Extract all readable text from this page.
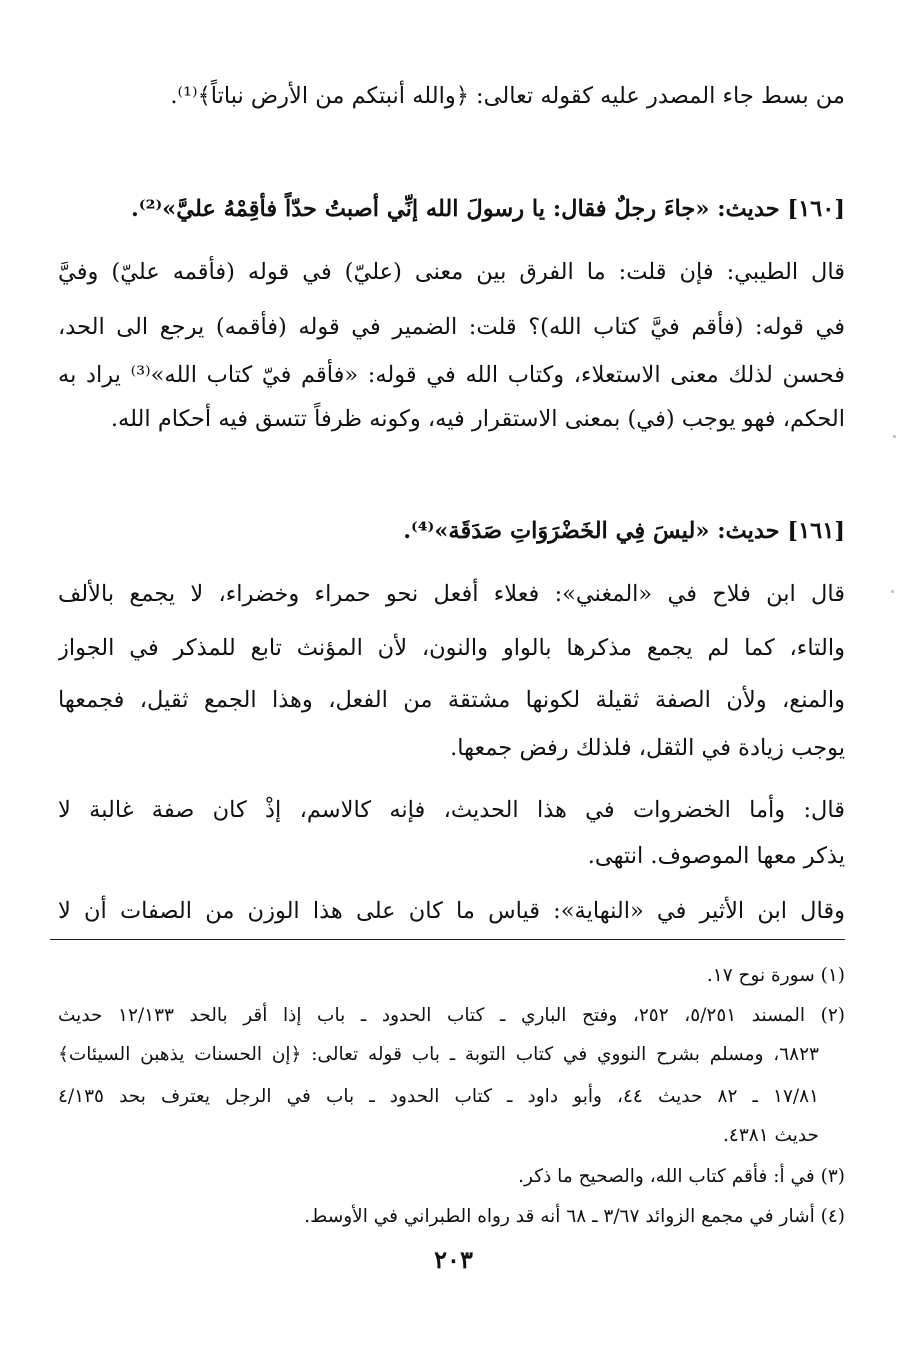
من بسط جاء المصدر عليه كقوله تعالى: ﴿والله أنبتكم من الأرض نباتاً﴾⁽¹⁾.
[١٦٠] حديث: «جاءَ رجلٌ فقال: يا رسولَ الله إنِّي أصبتُ حدّاً فأقِمْهُ عليَّ»⁽²⁾.
قال الطيبي: فإن قلت: ما الفرق بين معنى (عليّ) في قوله (فأقمه عليّ) وفيَّ
في قوله: (فأقم فيَّ كتاب الله)؟ قلت: الضمير في قوله (فأقمه) يرجع الى الحد،
فحسن لذلك معنى الاستعلاء، وكتاب الله في قوله: «فأقم فيّ كتاب الله»⁽³⁾ يراد به
الحكم، فهو يوجب (في) بمعنى الاستقرار فيه، وكونه ظرفاً تتسق فيه أحكام الله.
[١٦١] حديث: «ليسَ فِي الخَضْرَوَاتِ صَدَقَة»⁽⁴⁾.
قال ابن فلاح في «المغني»: فعلاء أفعل نحو حمراء وخضراء، لا يجمع بالألف
والتاء، كما لم يجمع مذكرها بالواو والنون، لأن المؤنث تابع للمذكر في الجواز
والمنع، ولأن الصفة ثقيلة لكونها مشتقة من الفعل، وهذا الجمع ثقيل، فجمعها
يوجب زيادة في الثقل، فلذلك رفض جمعها.
قال: وأما الخضروات في هذا الحديث، فإنه كالاسم، إذْ كان صفة غالبة لا
يذكر معها الموصوف. انتهى.
وقال ابن الأثير في «النهاية»: قياس ما كان على هذا الوزن من الصفات أن لا
(١) سورة نوح ١٧.
(٢) المسند ٥/٢٥١، ٢٥٢، وفتح الباري ـ كتاب الحدود ـ باب إذا أقر بالحد ١٢/١٣٣ حديث
٦٨٢٣، ومسلم بشرح النووي في كتاب التوبة ـ باب قوله تعالى: ﴿إن الحسنات يذهبن السيئات﴾
١٧/٨١ ـ ٨٢ حديث ٤٤، وأبو داود ـ كتاب الحدود ـ باب في الرجل يعترف بحد ٤/١٣٥
حديث ٤٣٨١.
(٣) في أ: فأقم كتاب الله، والصحيح ما ذكر.
(٤) أشار في مجمع الزوائد ٣/٦٧ ـ ٦٨ أنه قد رواه الطبراني في الأوسط.
٢٠٣
